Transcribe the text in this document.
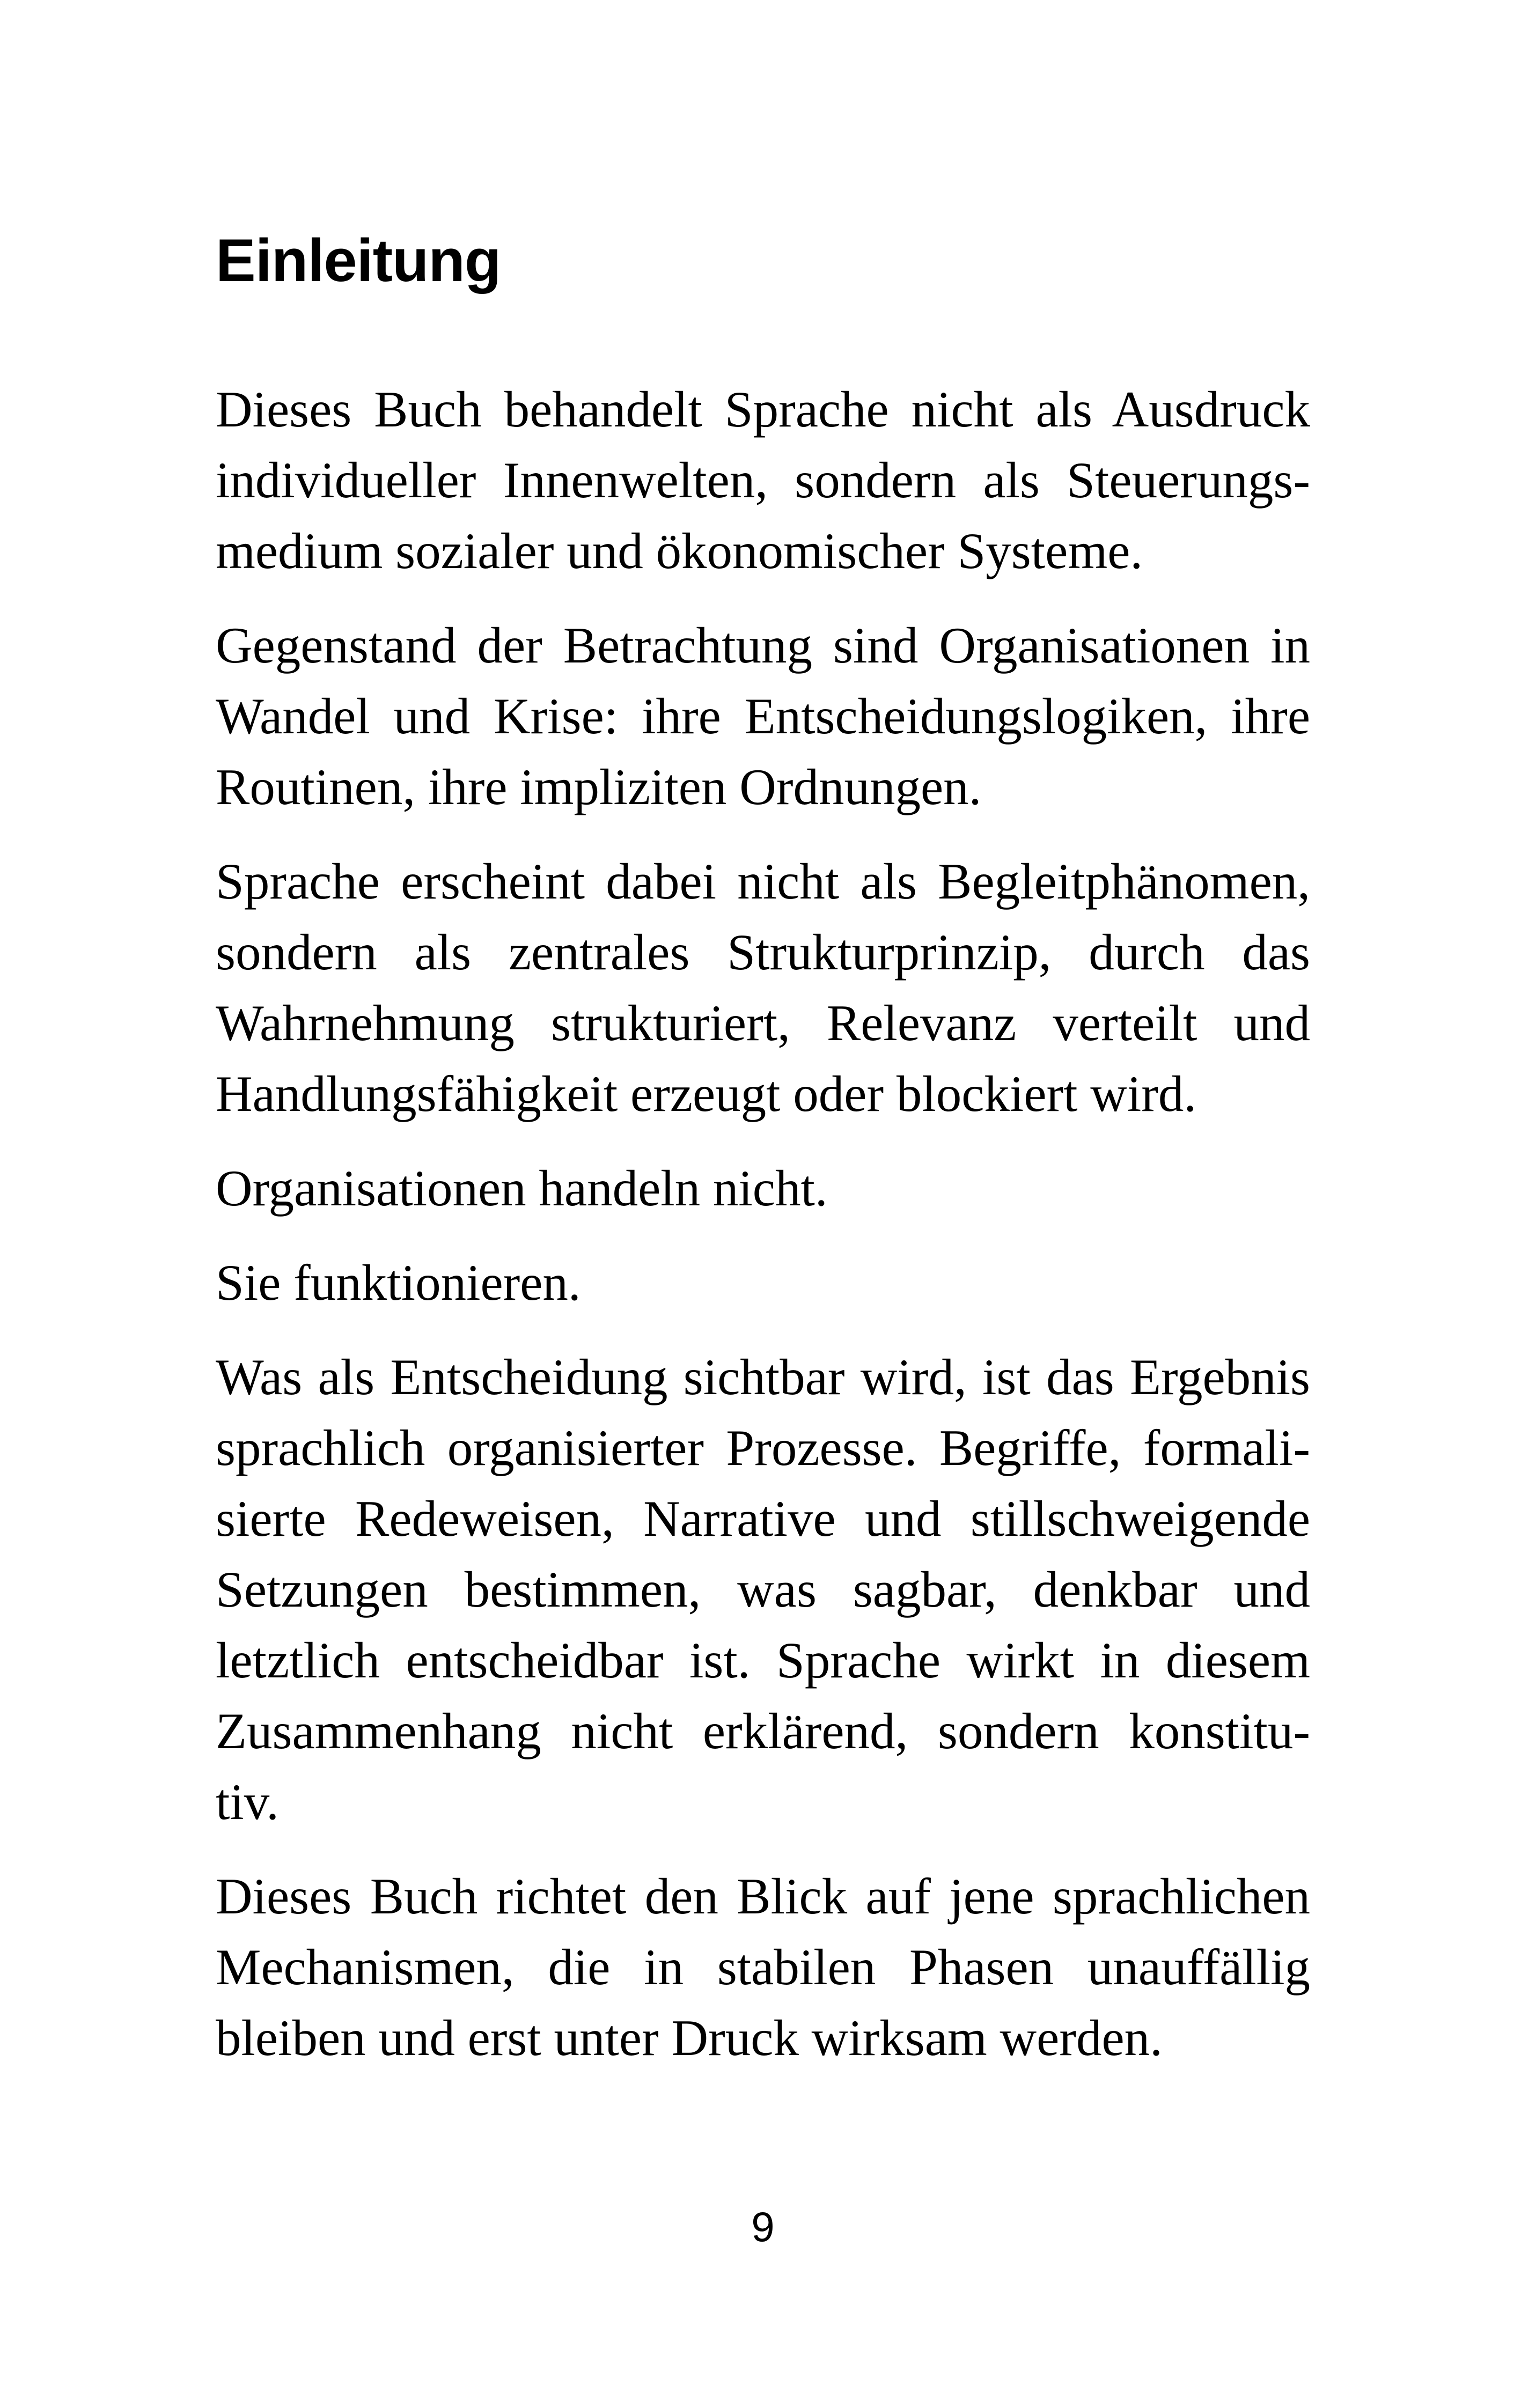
Einleitung
Dieses Buch behandelt Sprache nicht als Ausdruck
individueller Innenwelten, sondern als Steuerungs-
medium sozialer und ökonomischer Systeme.
Gegenstand der Betrachtung sind Organisationen in
Wandel und Krise: ihre Entscheidungslogiken, ihre
Routinen, ihre impliziten Ordnungen.
Sprache erscheint dabei nicht als Begleitphänomen,
sondern als zentrales Strukturprinzip, durch das
Wahrnehmung strukturiert, Relevanz verteilt und
Handlungsfähigkeit erzeugt oder blockiert wird.
Organisationen handeln nicht.
Sie funktionieren.
Was als Entscheidung sichtbar wird, ist das Ergebnis
sprachlich organisierter Prozesse. Begriffe, formali-
sierte Redeweisen, Narrative und stillschweigende
Setzungen bestimmen, was sagbar, denkbar und
letztlich entscheidbar ist. Sprache wirkt in diesem
Zusammenhang nicht erklärend, sondern konstitu-
tiv.
Dieses Buch richtet den Blick auf jene sprachlichen
Mechanismen, die in stabilen Phasen unauffällig
bleiben und erst unter Druck wirksam werden.
9
